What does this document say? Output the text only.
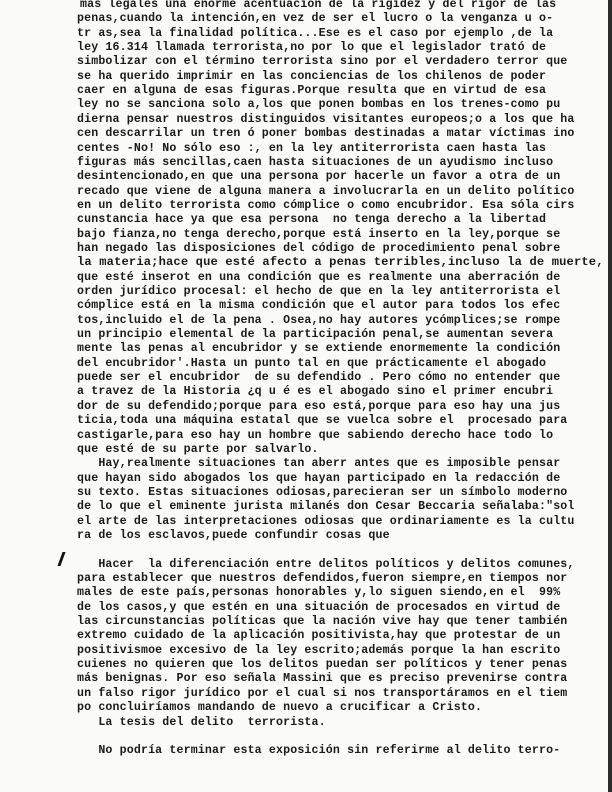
mas legales una enorme acentuación de la rigidez y del rigor de las
penas,cuando la intención,en vez de ser el lucro o la venganza u o-
tr as,sea la finalidad política...Ese es el caso por ejemplo ,de la
ley 16.314 llamada terrorista,no por lo que el legislador trató de
simbolizar con el término terrorista sino por el verdadero terror que
se ha querido imprimir en las conciencias de los chilenos de poder
caer en alguna de esas figuras.Porque resulta que en virtud de esa
ley no se sanciona solo a,los que ponen bombas en los trenes-como pu
dierna pensar nuestros distinguidos visitantes europeos;o a los que ha
cen descarrilar un tren ó poner bombas destinadas a matar víctimas ino
centes -No! No sólo eso :, en la ley antiterrorista caen hasta las
figuras más sencillas,caen hasta situaciones de un ayudismo incluso
desintencionado,en que una persona por hacerle un favor a otra de un
recado que viene de alguna manera a involucrarla en un delito político
en un delito terrorista como cómplice o como encubridor. Esa sóla cirs
cunstancia hace ya que esa persona  no tenga derecho a la libertad
bajo fianza,no tenga derecho,porque está inserto en la ley,porque se
han negado las disposiciones del código de procedimiento penal sobre
la materia;hace que esté afecto a penas terribles,incluso la de muerte,
que esté inserot en una condición que es realmente una aberración de
orden jurídico procesal: el hecho de que en la ley antiterrorista el
cómplice está en la misma condición que el autor para todos los efec
tos,incluido el de la pena . Osea,no hay autores ycómplices;se rompe
un principio elemental de la participación penal,se aumentan severa
mente las penas al encubridor y se extiende enormemente la condición
del encubridor'.Hasta un punto tal en que prácticamente el abogado
puede ser el encubridor  de su defendido . Pero cómo no entender que
a travez de la Historia ¿q u é es el abogado sino el primer encubri
dor de su defendido;porque para eso está,porque para eso hay una jus
ticia,toda una máquina estatal que se vuelca sobre el  procesado para
castigarle,para eso hay un hombre que sabiendo derecho hace todo lo
que esté de su parte por salvarlo.
Hay,realmente situaciones tan aberr antes que es imposible pensar
que hayan sido abogados los que hayan participado en la redacción de
su texto. Estas situaciones odiosas,parecieran ser un símbolo moderno
de lo que el eminente jurista milanés don Cesar Beccaria señalaba:"sol
el arte de las interpretaciones odiosas que ordinariamente es la cultu
ra de los esclavos,puede confundir cosas que
Hacer  la diferenciación entre delitos políticos y delitos comunes,
para establecer que nuestros defendidos,fueron siempre,en tiempos nor
males de este país,personas honorables y,lo siguen siendo,en el  99%
de los casos,y que estén en una situación de procesados en virtud de
las circunstancias políticas que la nación vive hay que tener también
extremo cuidado de la aplicación positivista,hay que protestar de un
positivismoe excesivo de la ley escrito;además porque la han escrito
cuienes no quieren que los delitos puedan ser políticos y tener penas
más benignas. Por eso señala Massini que es preciso prevenirse contra
un falso rigor jurídico por el cual si nos transportáramos en el tiem
po concluiríamos mandando de nuevo a crucificar a Cristo.
La tesis del delito  terrorista.
No podría terminar esta exposición sin referirme al delito terro-
